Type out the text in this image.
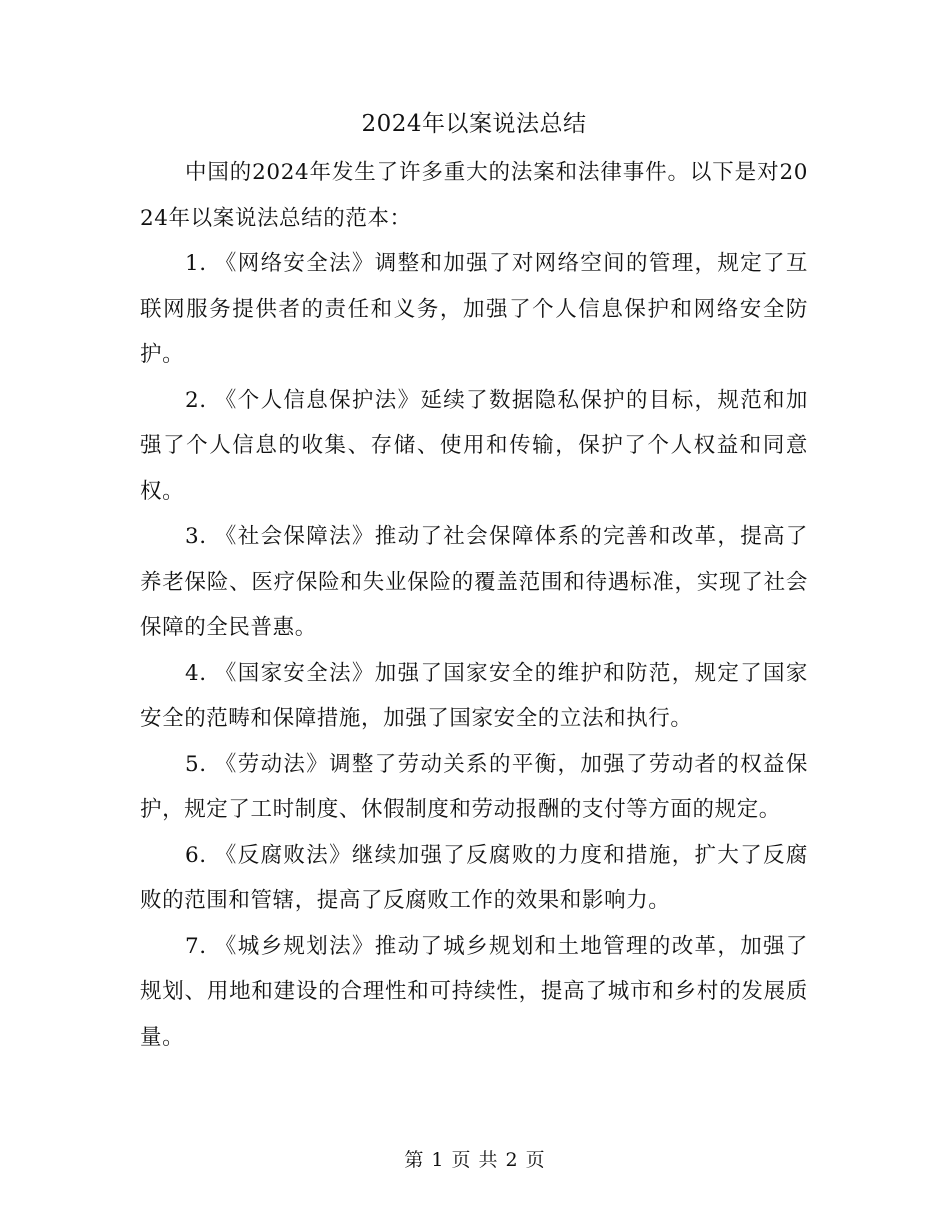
2024年以案说法总结

中国的2024年发生了许多重大的法案和法律事件。以下是对2024年以案说法总结的范本：

1. 《网络安全法》调整和加强了对网络空间的管理，规定了互联网服务提供者的责任和义务，加强了个人信息保护和网络安全防护。

2. 《个人信息保护法》延续了数据隐私保护的目标，规范和加强了个人信息的收集、存储、使用和传输，保护了个人权益和同意权。

3. 《社会保障法》推动了社会保障体系的完善和改革，提高了养老保险、医疗保险和失业保险的覆盖范围和待遇标准，实现了社会保障的全民普惠。

4. 《国家安全法》加强了国家安全的维护和防范，规定了国家安全的范畴和保障措施，加强了国家安全的立法和执行。

5. 《劳动法》调整了劳动关系的平衡，加强了劳动者的权益保护，规定了工时制度、休假制度和劳动报酬的支付等方面的规定。

6. 《反腐败法》继续加强了反腐败的力度和措施，扩大了反腐败的范围和管辖，提高了反腐败工作的效果和影响力。

7. 《城乡规划法》推动了城乡规划和土地管理的改革，加强了规划、用地和建设的合理性和可持续性，提高了城市和乡村的发展质量。

第 1 页 共 2 页
